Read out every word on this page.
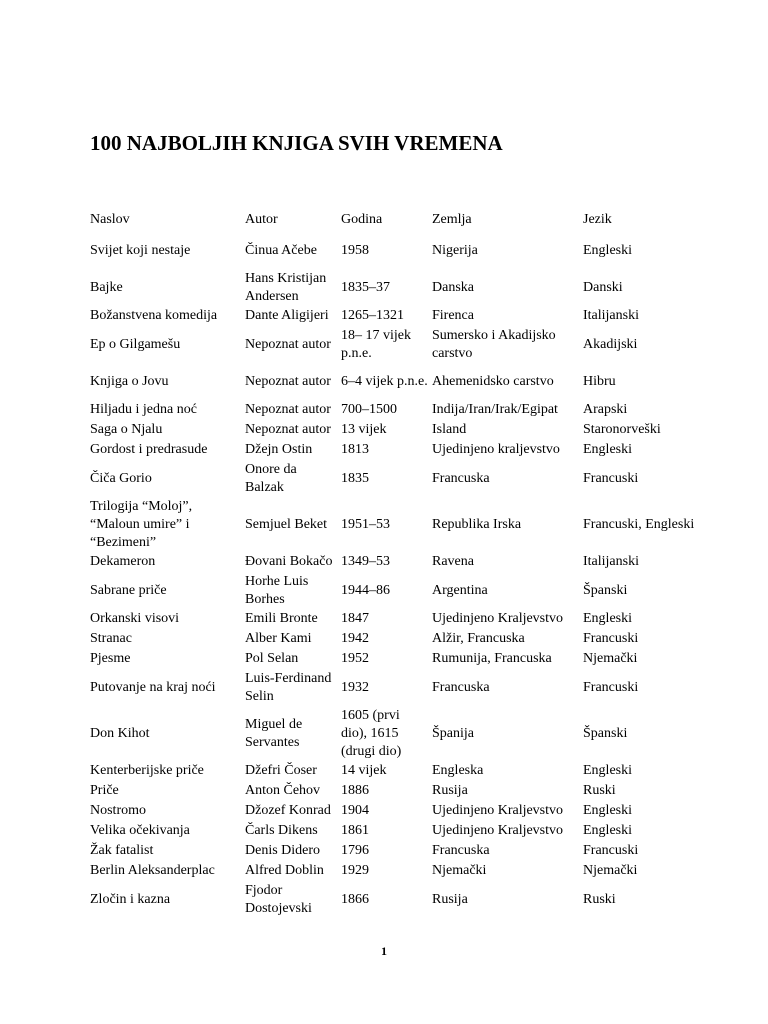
100 NAJBOLJIH KNJIGA SVIH VREMENA
Naslov	Autor	Godina	Zemlja	Jezik
Svijet koji nestaje	Činua Ačebe	1958	Nigerija	Engleski
Bajke	Hans Kristijan Andersen	1835–37	Danska	Danski
Božanstvena komedija	Dante Aligijeri	1265–1321	Firenca	Italijanski
Ep o Gilgamešu	Nepoznat autor	18– 17 vijek p.n.e.	Sumersko i Akadijsko carstvo	Akadijski
Knjiga o Jovu	Nepoznat autor	6–4 vijek p.n.e.	Ahemenidsko carstvo	Hibru
Hiljadu i jedna noć	Nepoznat autor	700–1500	Indija/Iran/Irak/Egipat	Arapski
Saga o Njalu	Nepoznat autor	13 vijek	Island	Staronorveški
Gordost i predrasude	Džejn Ostin	1813	Ujedinjeno kraljevstvo	Engleski
Čiča Gorio	Onore da Balzak	1835	Francuska	Francuski
Trilogija “Moloj”, “Maloun umire” i “Bezimeni”	Semjuel Beket	1951–53	Republika Irska	Francuski, Engleski
Dekameron	Đovani Bokačo	1349–53	Ravena	Italijanski
Sabrane priče	Horhe Luis Borhes	1944–86	Argentina	Španski
Orkanski visovi	Emili Bronte	1847	Ujedinjeno Kraljevstvo	Engleski
Stranac	Alber Kami	1942	Alžir, Francuska	Francuski
Pjesme	Pol Selan	1952	Rumunija, Francuska	Njemački
Putovanje na kraj noći	Luis-Ferdinand Selin	1932	Francuska	Francuski
Don Kihot	Miguel de Servantes	1605 (prvi dio), 1615 (drugi dio)	Španija	Španski
Kenterberijske priče	Džefri Čoser	14 vijek	Engleska	Engleski
Priče	Anton Čehov	1886	Rusija	Ruski
Nostromo	Džozef Konrad	1904	Ujedinjeno Kraljevstvo	Engleski
Velika očekivanja	Čarls Dikens	1861	Ujedinjeno Kraljevstvo	Engleski
Žak fatalist	Denis Didero	1796	Francuska	Francuski
Berlin Aleksanderplac	Alfred Doblin	1929	Njemački	Njemački
Zločin i kazna	Fjodor Dostojevski	1866	Rusija	Ruski
1
